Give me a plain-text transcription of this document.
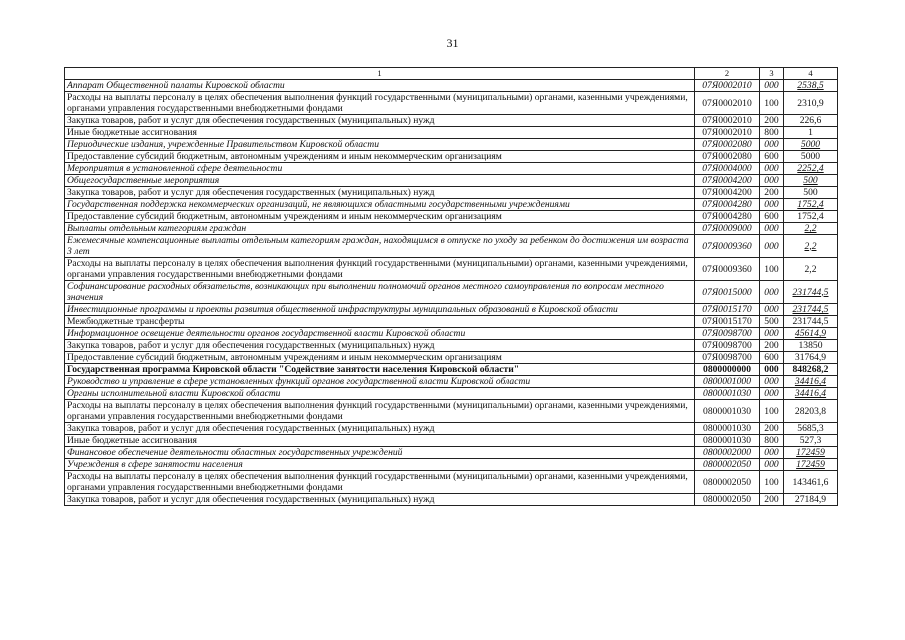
31
1	2	3	4
Аппарат Общественной палаты Кировской области	07Я0002010	000	2538,5
Расходы на выплаты персоналу в целях обеспечения выполнения функций государственными (муниципальными) органами, казенными учреждениями, органами управления государственными внебюджетными фондами	07Я0002010	100	2310,9
Закупка товаров, работ и услуг для обеспечения государственных (муниципальных) нужд	07Я0002010	200	226,6
Иные бюджетные ассигнования	07Я0002010	800	1
Периодические издания, учрежденные Правительством Кировской области	07Я0002080	000	5000
Предоставление субсидий бюджетным, автономным учреждениям и иным некоммерческим организациям	07Я0002080	600	5000
Мероприятия в установленной сфере деятельности	07Я0004000	000	2252,4
Общегосударственные мероприятия	07Я0004200	000	500
Закупка товаров, работ и услуг для обеспечения государственных (муниципальных) нужд	07Я0004200	200	500
Государственная поддержка некоммерческих организаций, не являющихся областными государственными учреждениями	07Я0004280	000	1752,4
Предоставление субсидий бюджетным, автономным учреждениям и иным некоммерческим организациям	07Я0004280	600	1752,4
Выплаты отдельным категориям граждан	07Я0009000	000	2,2
Ежемесячные компенсационные выплаты отдельным категориям граждан, находящимся в отпуске по уходу за ребенком до достижения им возраста 3 лет	07Я0009360	000	2,2
Расходы на выплаты персоналу в целях обеспечения выполнения функций государственными (муниципальными) органами, казенными учреждениями, органами управления государственными внебюджетными фондами	07Я0009360	100	2,2
Софинансирование расходных обязательств, возникающих при выполнении полномочий органов местного самоуправления по вопросам местного значения	07Я0015000	000	231744,5
Инвестиционные программы и проекты развития общественной инфраструктуры муниципальных образований в Кировской области	07Я0015170	000	231744,5
Межбюджетные трансферты	07Я0015170	500	231744,5
Информационное освещение деятельности органов государственной власти Кировской области	07Я0098700	000	45614,9
Закупка товаров, работ и услуг для обеспечения государственных (муниципальных) нужд	07Я0098700	200	13850
Предоставление субсидий бюджетным, автономным учреждениям и иным некоммерческим организациям	07Я0098700	600	31764,9
Государственная программа Кировской области "Содействие занятости населения Кировской области"	0800000000	000	848268,2
Руководство и управление в сфере установленных функций органов государственной власти Кировской области	0800001000	000	34416,4
Органы исполнительной власти Кировской области	0800001030	000	34416,4
Расходы на выплаты персоналу в целях обеспечения выполнения функций государственными (муниципальными) органами, казенными учреждениями, органами управления государственными внебюджетными фондами	0800001030	100	28203,8
Закупка товаров, работ и услуг для обеспечения государственных (муниципальных) нужд	0800001030	200	5685,3
Иные бюджетные ассигнования	0800001030	800	527,3
Финансовое обеспечение деятельности областных государственных учреждений	0800002000	000	172459
Учреждения в сфере занятости населения	0800002050	000	172459
Расходы на выплаты персоналу в целях обеспечения выполнения функций государственными (муниципальными) органами, казенными учреждениями, органами управления государственными внебюджетными фондами	0800002050	100	143461,6
Закупка товаров, работ и услуг для обеспечения государственных (муниципальных) нужд	0800002050	200	27184,9
